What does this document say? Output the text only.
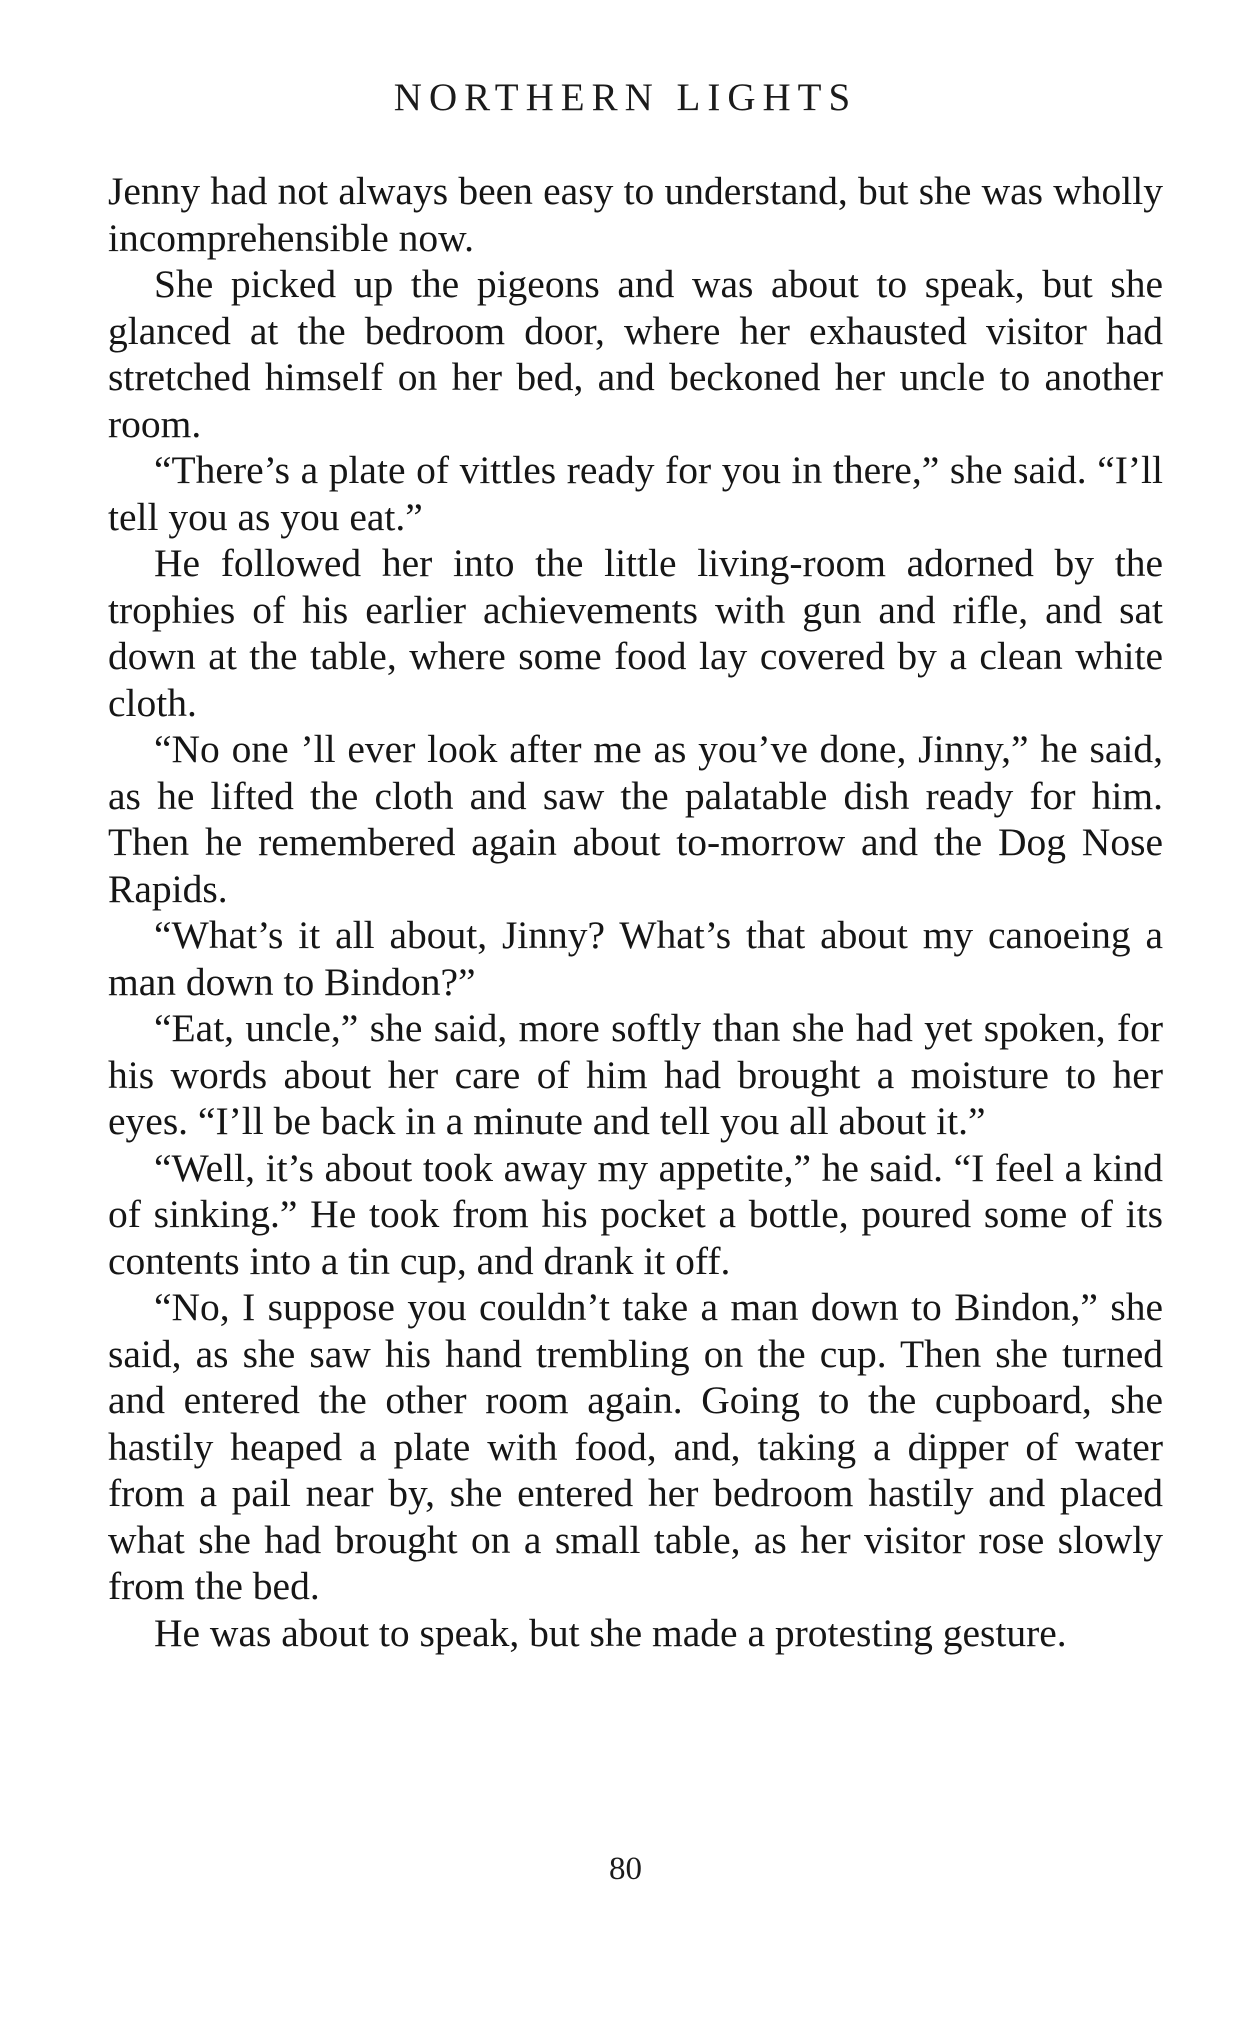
NORTHERN LIGHTS

Jenny had not always been easy to understand, but she was wholly incomprehensible now.

She picked up the pigeons and was about to speak, but she glanced at the bedroom door, where her exhausted visitor had stretched himself on her bed, and beckoned her uncle to another room.

“There’s a plate of vittles ready for you in there,” she said. “I’ll tell you as you eat.”

He followed her into the little living-room adorned by the trophies of his earlier achievements with gun and rifle, and sat down at the table, where some food lay covered by a clean white cloth.

“No one ’ll ever look after me as you’ve done, Jinny,” he said, as he lifted the cloth and saw the palatable dish ready for him. Then he remembered again about to-morrow and the Dog Nose Rapids.

“What’s it all about, Jinny? What’s that about my canoeing a man down to Bindon?”

“Eat, uncle,” she said, more softly than she had yet spoken, for his words about her care of him had brought a moisture to her eyes. “I’ll be back in a minute and tell you all about it.”

“Well, it’s about took away my appetite,” he said. “I feel a kind of sinking.” He took from his pocket a bottle, poured some of its contents into a tin cup, and drank it off.

“No, I suppose you couldn’t take a man down to Bindon,” she said, as she saw his hand trembling on the cup. Then she turned and entered the other room again. Going to the cupboard, she hastily heaped a plate with food, and, taking a dipper of water from a pail near by, she entered her bedroom hastily and placed what she had brought on a small table, as her visitor rose slowly from the bed.

He was about to speak, but she made a protesting gesture.

80
